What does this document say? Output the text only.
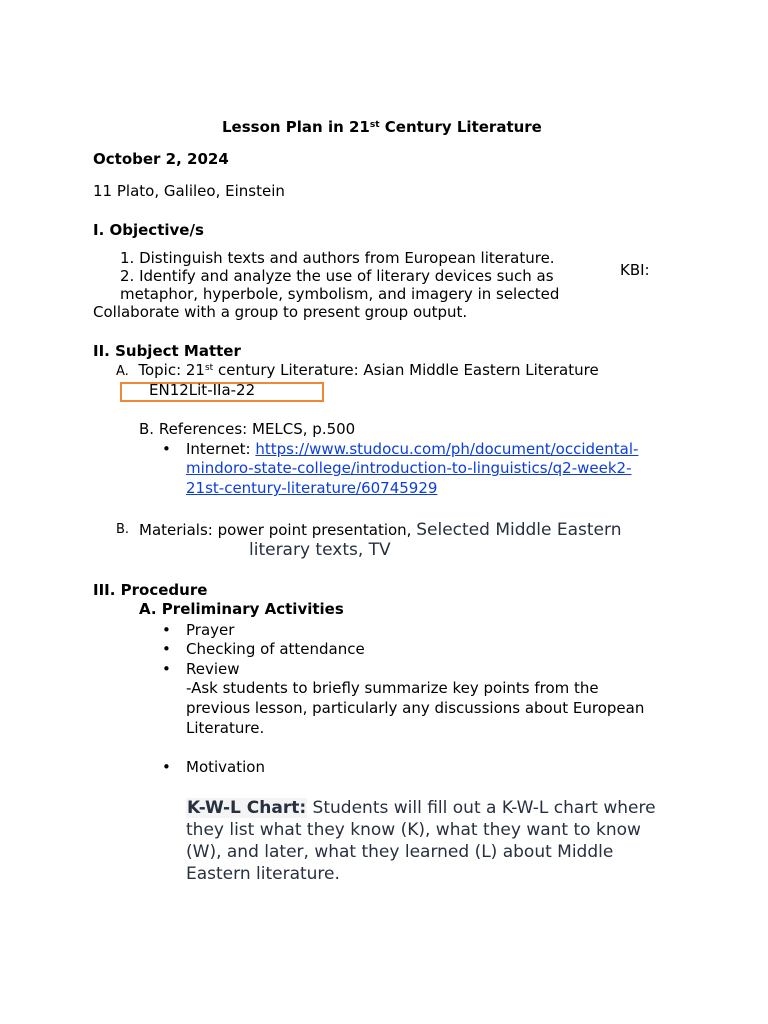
Lesson Plan in 21st Century Literature
October 2, 2024
11 Plato, Galileo, Einstein
I. Objective/s
1. Distinguish texts and authors from European literature.
2. Identify and analyze the use of literary devices such as
metaphor, hyperbole, symbolism, and imagery in selected
Collaborate with a group to present group output.
KBI:
II. Subject Matter
A. Topic: 21st century Literature: Asian Middle Eastern Literature
EN12Lit-IIa-22
B. References: MELCS, p.500
• Internet: https://www.studocu.com/ph/document/occidental-
mindoro-state-college/introduction-to-linguistics/q2-week2-
21st-century-literature/60745929
B. Materials: power point presentation, Selected Middle Eastern
literary texts, TV
III. Procedure
A. Preliminary Activities
• Prayer
• Checking of attendance
• Review
-Ask students to briefly summarize key points from the
previous lesson, particularly any discussions about European
Literature.
• Motivation
K-W-L Chart: Students will fill out a K-W-L chart where
they list what they know (K), what they want to know
(W), and later, what they learned (L) about Middle
Eastern literature.
